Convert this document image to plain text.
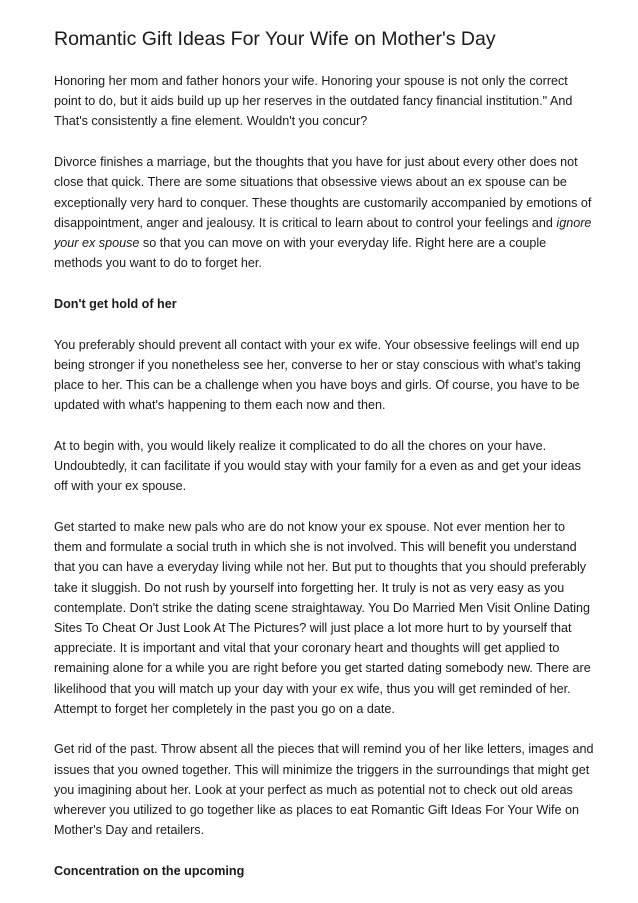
Romantic Gift Ideas For Your Wife on Mother's Day

Honoring her mom and father honors your wife. Honoring your spouse is not only the correct point to do, but it aids build up up her reserves in the outdated fancy financial institution." And That's consistently a fine element. Wouldn't you concur?

Divorce finishes a marriage, but the thoughts that you have for just about every other does not close that quick. There are some situations that obsessive views about an ex spouse can be exceptionally very hard to conquer. These thoughts are customarily accompanied by emotions of disappointment, anger and jealousy. It is critical to learn about to control your feelings and ignore your ex spouse so that you can move on with your everyday life. Right here are a couple methods you want to do to forget her.

Don't get hold of her

You preferably should prevent all contact with your ex wife. Your obsessive feelings will end up being stronger if you nonetheless see her, converse to her or stay conscious with what's taking place to her. This can be a challenge when you have boys and girls. Of course, you have to be updated with what's happening to them each now and then.

At to begin with, you would likely realize it complicated to do all the chores on your have. Undoubtedly, it can facilitate if you would stay with your family for a even as and get your ideas off with your ex spouse.

Get started to make new pals who are do not know your ex spouse. Not ever mention her to them and formulate a social truth in which she is not involved. This will benefit you understand that you can have a everyday living while not her. But put to thoughts that you should preferably take it sluggish. Do not rush by yourself into forgetting her. It truly is not as very easy as you contemplate. Don't strike the dating scene straightaway. You Do Married Men Visit Online Dating Sites To Cheat Or Just Look At The Pictures? will just place a lot more hurt to by yourself that appreciate. It is important and vital that your coronary heart and thoughts will get applied to remaining alone for a while you are right before you get started dating somebody new. There are likelihood that you will match up your day with your ex wife, thus you will get reminded of her. Attempt to forget her completely in the past you go on a date.

Get rid of the past. Throw absent all the pieces that will remind you of her like letters, images and issues that you owned together. This will minimize the triggers in the surroundings that might get you imagining about her. Look at your perfect as much as potential not to check out old areas wherever you utilized to go together like as places to eat Romantic Gift Ideas For Your Wife on Mother's Day and retailers.

Concentration on the upcoming
